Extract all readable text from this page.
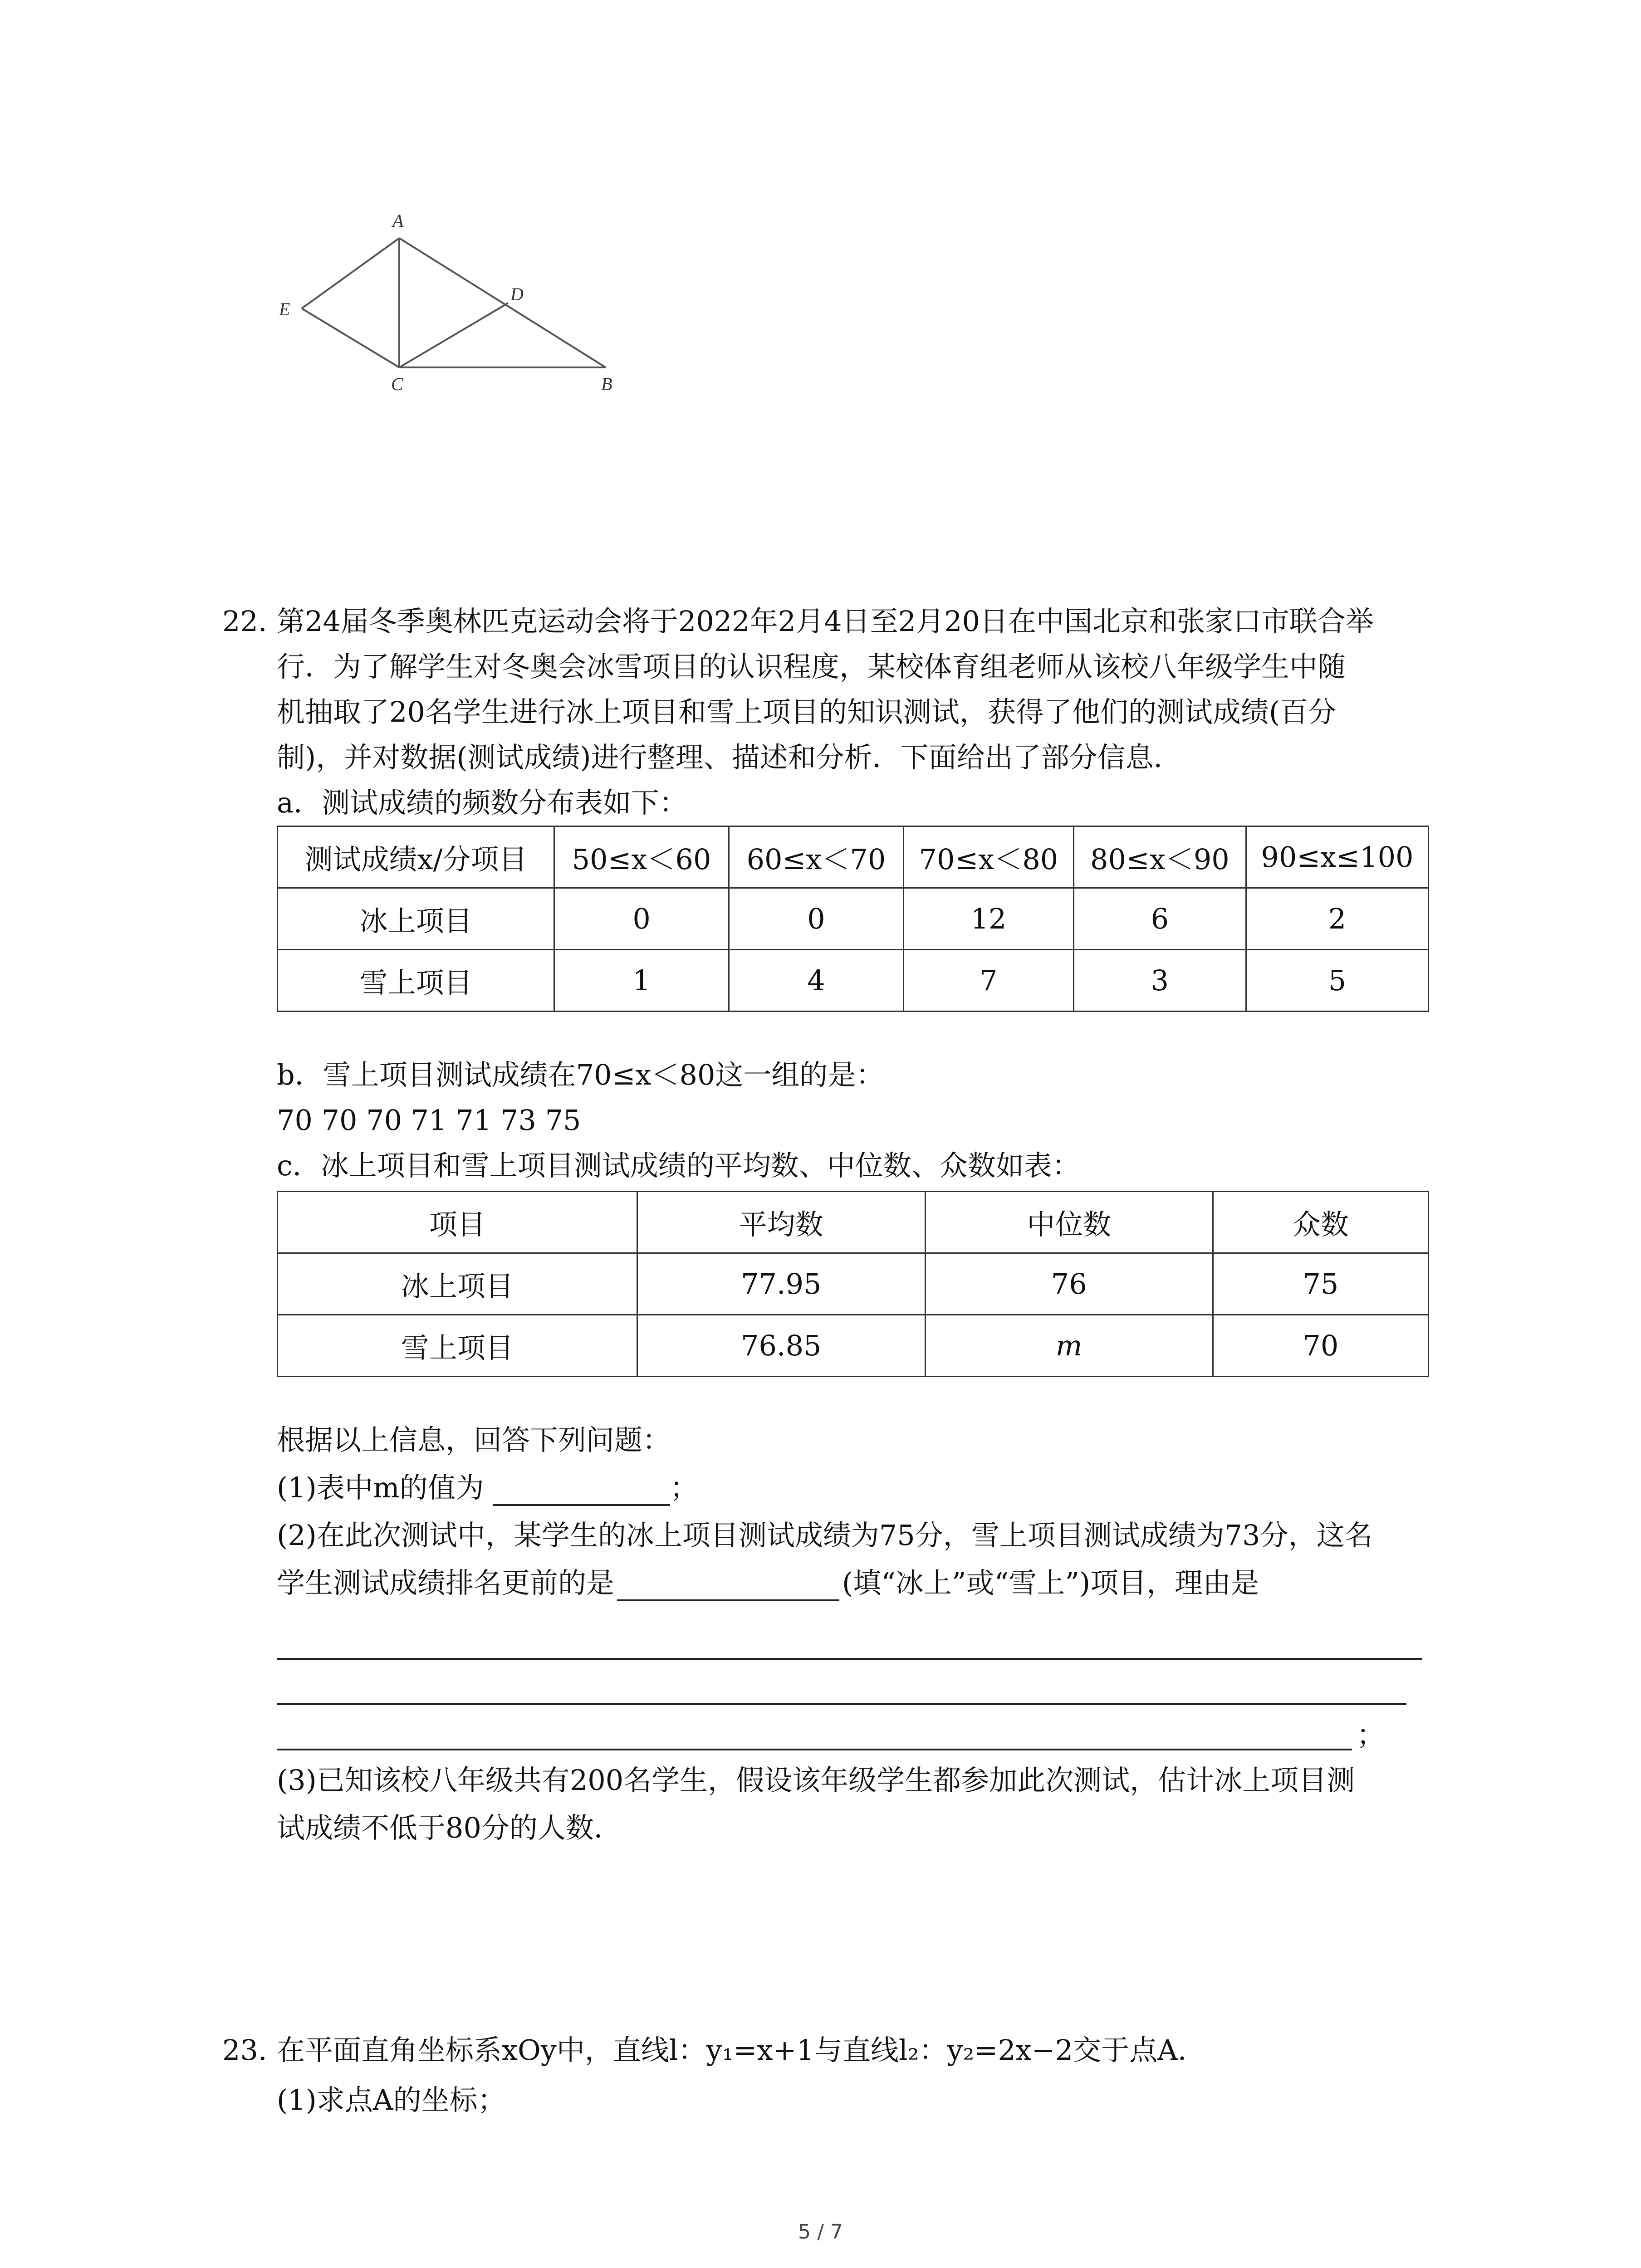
A
E
D
C	B
22. 第24届冬季奥林匹克运动会将于2022年2月4日至2月20日在中国北京和张家口市联合举
行．为了解学生对冬奥会冰雪项目的认识程度，某校体育组老师从该校八年级学生中随
机抽取了20名学生进行冰上项目和雪上项目的知识测试，获得了他们的测试成绩(百分
制)，并对数据(测试成绩)进行整理、描述和分析．下面给出了部分信息．
a．测试成绩的频数分布表如下：
测试成绩x/分项目	50≤x＜60	60≤x＜70	70≤x＜80	80≤x＜90	90≤x≤100
冰上项目	0	0	12	6	2
雪上项目	1	4	7	3	5
b．雪上项目测试成绩在70≤x＜80这一组的是：
70 70 70 71 71 73 75
c．冰上项目和雪上项目测试成绩的平均数、中位数、众数如表：
项目	平均数	中位数	众数
冰上项目	77.95	76	75
雪上项目	76.85	m	70
根据以上信息，回答下列问题：
(1)表中m的值为	；
(2)在此次测试中，某学生的冰上项目测试成绩为75分，雪上项目测试成绩为73分，这名
学生测试成绩排名更前的是	(填“冰上”或“雪上”)项目，理由是
；
(3)已知该校八年级共有200名学生，假设该年级学生都参加此次测试，估计冰上项目测
试成绩不低于80分的人数．
23. 在平面直角坐标系xOy中，直线l：y₁=x+1与直线l₂：y₂=2x−2交于点A．
(1)求点A的坐标；
5 / 7
